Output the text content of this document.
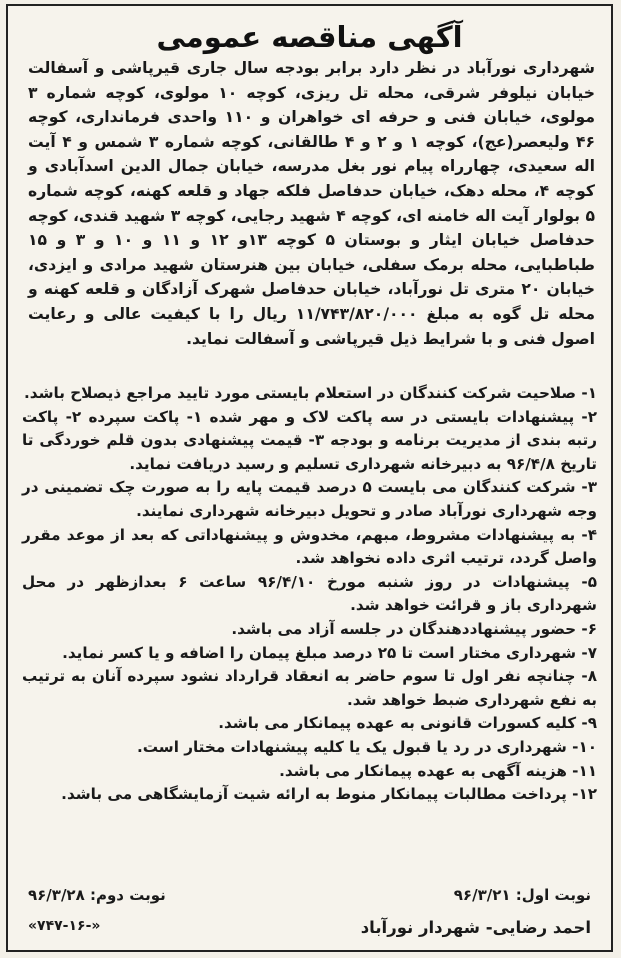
آگهی مناقصه عمومی
شهرداری نورآباد در نظر دارد برابر بودجه سال جاری قیرپاشی و آسفالت خیابان نیلوفر شرقی، محله تل ریزی، کوچه ۱۰ مولوی، کوچه شماره ۳ مولوی، خیابان فنی و حرفه ای خواهران و ۱۱۰ واحدی فرمانداری، کوچه ۴۶ ولیعصر(عج)، کوچه ۱ و ۲ و ۴ طالقانی، کوچه شماره ۳ شمس و ۴ آیت اله سعیدی، چهارراه پیام نور بغل مدرسه، خیابان جمال الدین اسدآبادی و کوچه ۴، محله دهک، خیابان حدفاصل فلکه جهاد و قلعه کهنه، کوچه شماره ۵ بولوار آیت اله خامنه ای، کوچه ۴ شهید رجایی، کوچه ۳ شهید قندی، کوچه حدفاصل خیابان ایثار و بوستان ۵ کوچه ۱۳و ۱۲ و ۱۱ و ۱۰ و ۳ و ۱۵ طباطبایی، محله برمک سفلی، خیابان بین هنرستان شهید مرادی و ایزدی، خیابان ۲۰ متری تل نورآباد، خیابان حدفاصل شهرک آزادگان و قلعه کهنه و محله تل گوه به مبلغ ۱۱/۷۴۳/۸۲۰/۰۰۰ ریال را با کیفیت عالی و رعایت اصول فنی و با شرایط ذیل قیرپاشی و آسفالت نماید.
۱- صلاحیت شرکت کنندگان در استعلام بایستی مورد تایید مراجع ذیصلاح باشد.
۲- پیشنهادات بایستی در سه پاکت لاک و مهر شده ۱- پاکت سپرده ۲- پاکت رتبه بندی از مدیریت برنامه و بودجه ۳- قیمت پیشنهادی بدون قلم خوردگی تا تاریخ ۹۶/۴/۸ به دبیرخانه شهرداری تسلیم و رسید دریافت نماید.
۳- شرکت کنندگان می بایست ۵ درصد قیمت پایه را به صورت چک تضمینی در وجه شهرداری نورآباد صادر و تحویل دبیرخانه شهرداری نمایند.
۴- به پیشنهادات مشروط، مبهم، مخدوش و پیشنهاداتی که بعد از موعد مقرر واصل گردد، ترتیب اثری داده نخواهد شد.
۵- پیشنهادات در روز شنبه مورخ ۹۶/۴/۱۰ ساعت ۶ بعدازظهر در محل شهرداری باز و قرائت خواهد شد.
۶- حضور پیشنهاددهندگان در جلسه آزاد می باشد.
۷- شهرداری مختار است تا ۲۵ درصد مبلغ پیمان را اضافه و یا کسر نماید.
۸- چنانچه نفر اول تا سوم حاضر به انعقاد قرارداد نشود سپرده آنان به ترتیب به نفع شهرداری ضبط خواهد شد.
۹- کلیه کسورات قانونی به عهده پیمانکار می باشد.
۱۰- شهرداری در رد یا قبول یک یا کلیه پیشنهادات مختار است.
۱۱- هزینه آگهی به عهده پیمانکار می باشد.
۱۲- پرداخت مطالبات پیمانکار منوط به ارائه شیت آزمایشگاهی می باشد.
نوبت اول: ۹۶/۳/۲۱
نوبت دوم: ۹۶/۳/۲۸
احمد رضایی- شهردار نورآباد
«۷۴۷-۱۶-»
